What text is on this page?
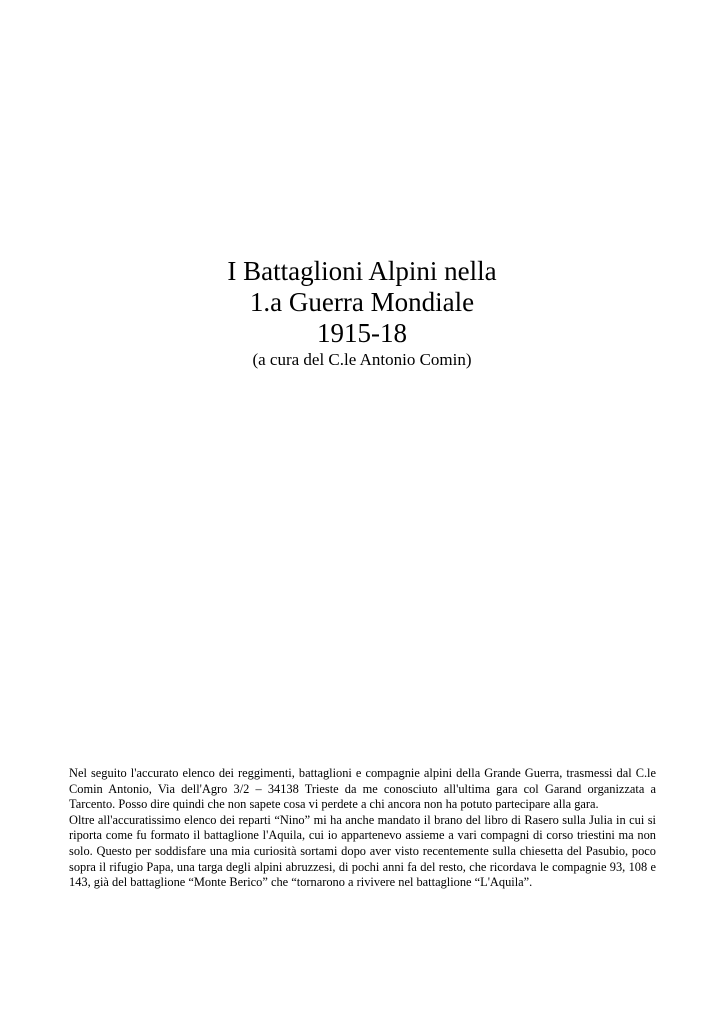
I Battaglioni Alpini nella

1.a Guerra Mondiale

1915-18

(a cura del C.le Antonio Comin)

Nel seguito l'accurato elenco dei reggimenti, battaglioni e compagnie alpini della Grande Guerra, trasmessi dal C.le Comin Antonio, Via dell'Agro 3/2 – 34138 Trieste da me conosciuto all'ultima gara col Garand organizzata a Tarcento. Posso dire quindi che non sapete cosa vi perdete a chi ancora non ha potuto partecipare alla gara.

Oltre all'accuratissimo elenco dei reparti “Nino” mi ha anche mandato il brano del libro di Rasero sulla Julia in cui si riporta come fu formato il battaglione l'Aquila, cui io appartenevo assieme a vari compagni di corso triestini ma non solo. Questo per soddisfare una mia curiosità sortami dopo aver visto recentemente sulla chiesetta del Pasubio, poco sopra il rifugio Papa, una targa degli alpini abruzzesi, di pochi anni fa del resto, che ricordava le compagnie 93, 108 e 143, già del battaglione “Monte Berico” che “tornarono a rivivere nel battaglione “L'Aquila”.
